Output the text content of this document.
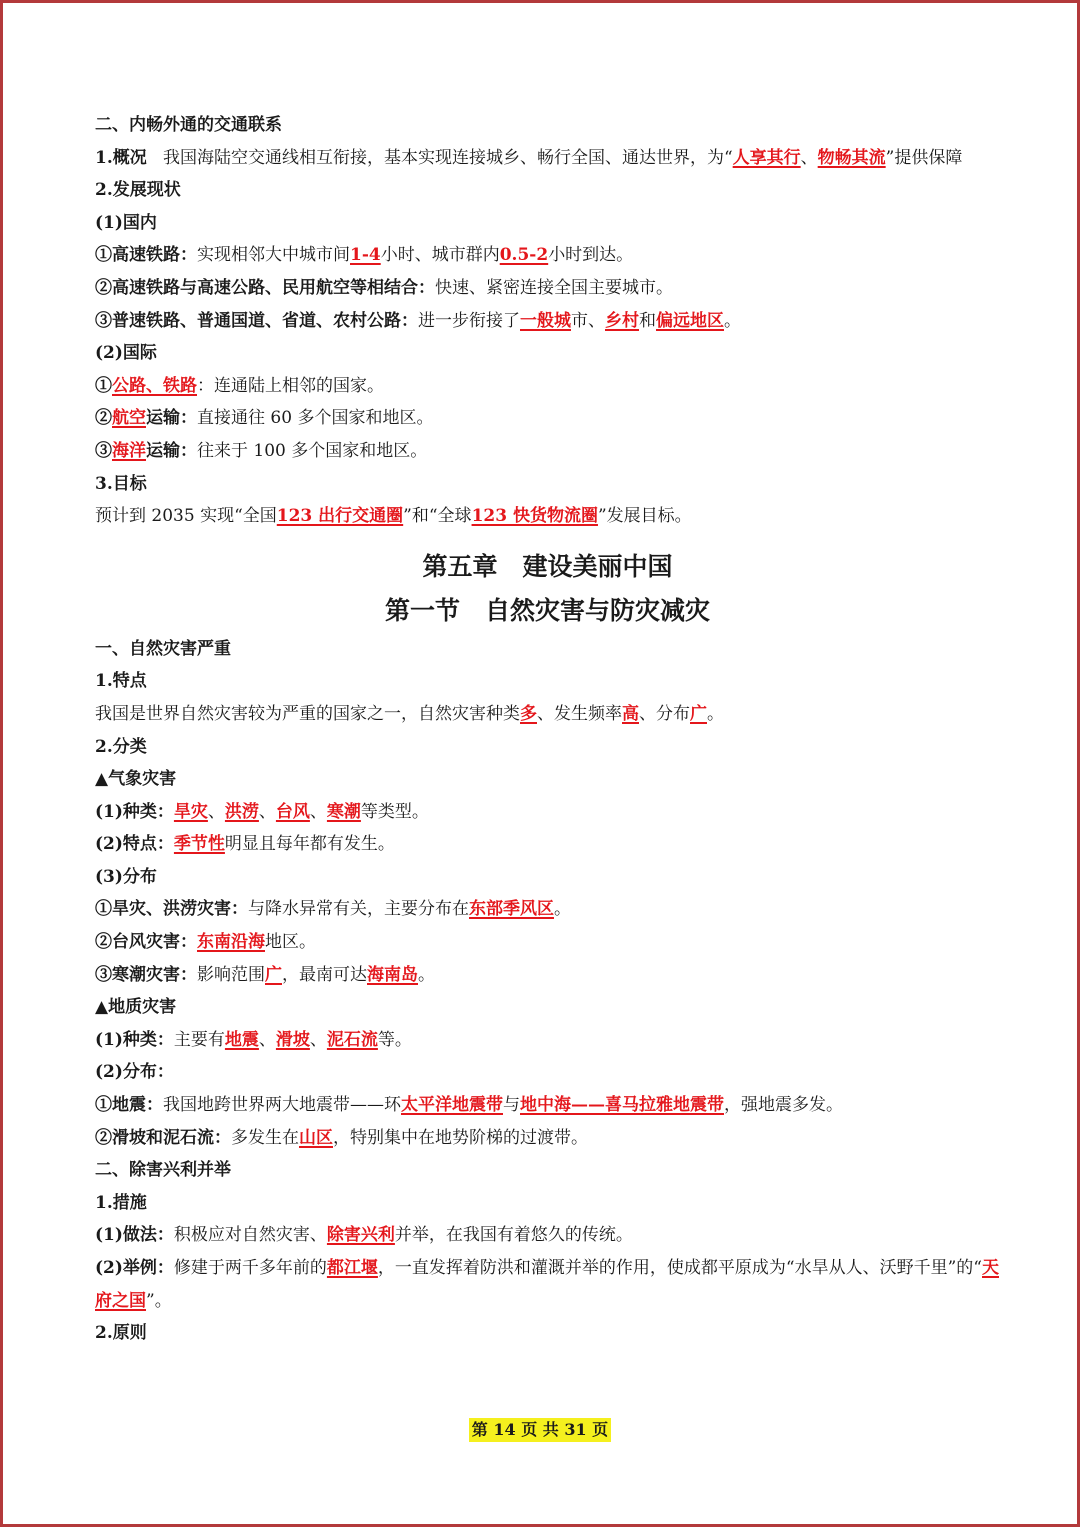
二、内畅外通的交通联系
1.概况 我国海陆空交通线相互衔接，基本实现连接城乡、畅行全国、通达世界，为“人享其行、物畅其流”提供保障
2.发展现状
(1)国内
①高速铁路：实现相邻大中城市间1-4小时、城市群内0.5-2小时到达。
②高速铁路与高速公路、民用航空等相结合：快速、紧密连接全国主要城市。
③普速铁路、普通国道、省道、农村公路：进一步衔接了一般城市、乡村和偏远地区。
(2)国际
①公路、铁路：连通陆上相邻的国家。
②航空运输：直接通往 60 多个国家和地区。
③海洋运输：往来于 100 多个国家和地区。
3.目标
预计到 2035 实现“全国123 出行交通圈”和“全球123 快货物流圈”发展目标。
第五章　建设美丽中国
第一节　自然灾害与防灾减灾
一、自然灾害严重
1.特点
我国是世界自然灾害较为严重的国家之一，自然灾害种类多、发生频率高、分布广。
2.分类
▲气象灾害
(1)种类：旱灾、洪涝、台风、寒潮等类型。
(2)特点：季节性明显且每年都有发生。
(3)分布
①旱灾、洪涝灾害：与降水异常有关，主要分布在东部季风区。
②台风灾害：东南沿海地区。
③寒潮灾害：影响范围广，最南可达海南岛。
▲地质灾害
(1)种类：主要有地震、滑坡、泥石流等。
(2)分布：
①地震：我国地跨世界两大地震带——环太平洋地震带与地中海——喜马拉雅地震带，强地震多发。
②滑坡和泥石流：多发生在山区，特别集中在地势阶梯的过渡带。
二、除害兴利并举
1.措施
(1)做法：积极应对自然灾害、除害兴利并举，在我国有着悠久的传统。
(2)举例：修建于两千多年前的都江堰，一直发挥着防洪和灌溉并举的作用，使成都平原成为“水旱从人、沃野千里”的“天府之国”。
2.原则
第 14 页 共 31 页
